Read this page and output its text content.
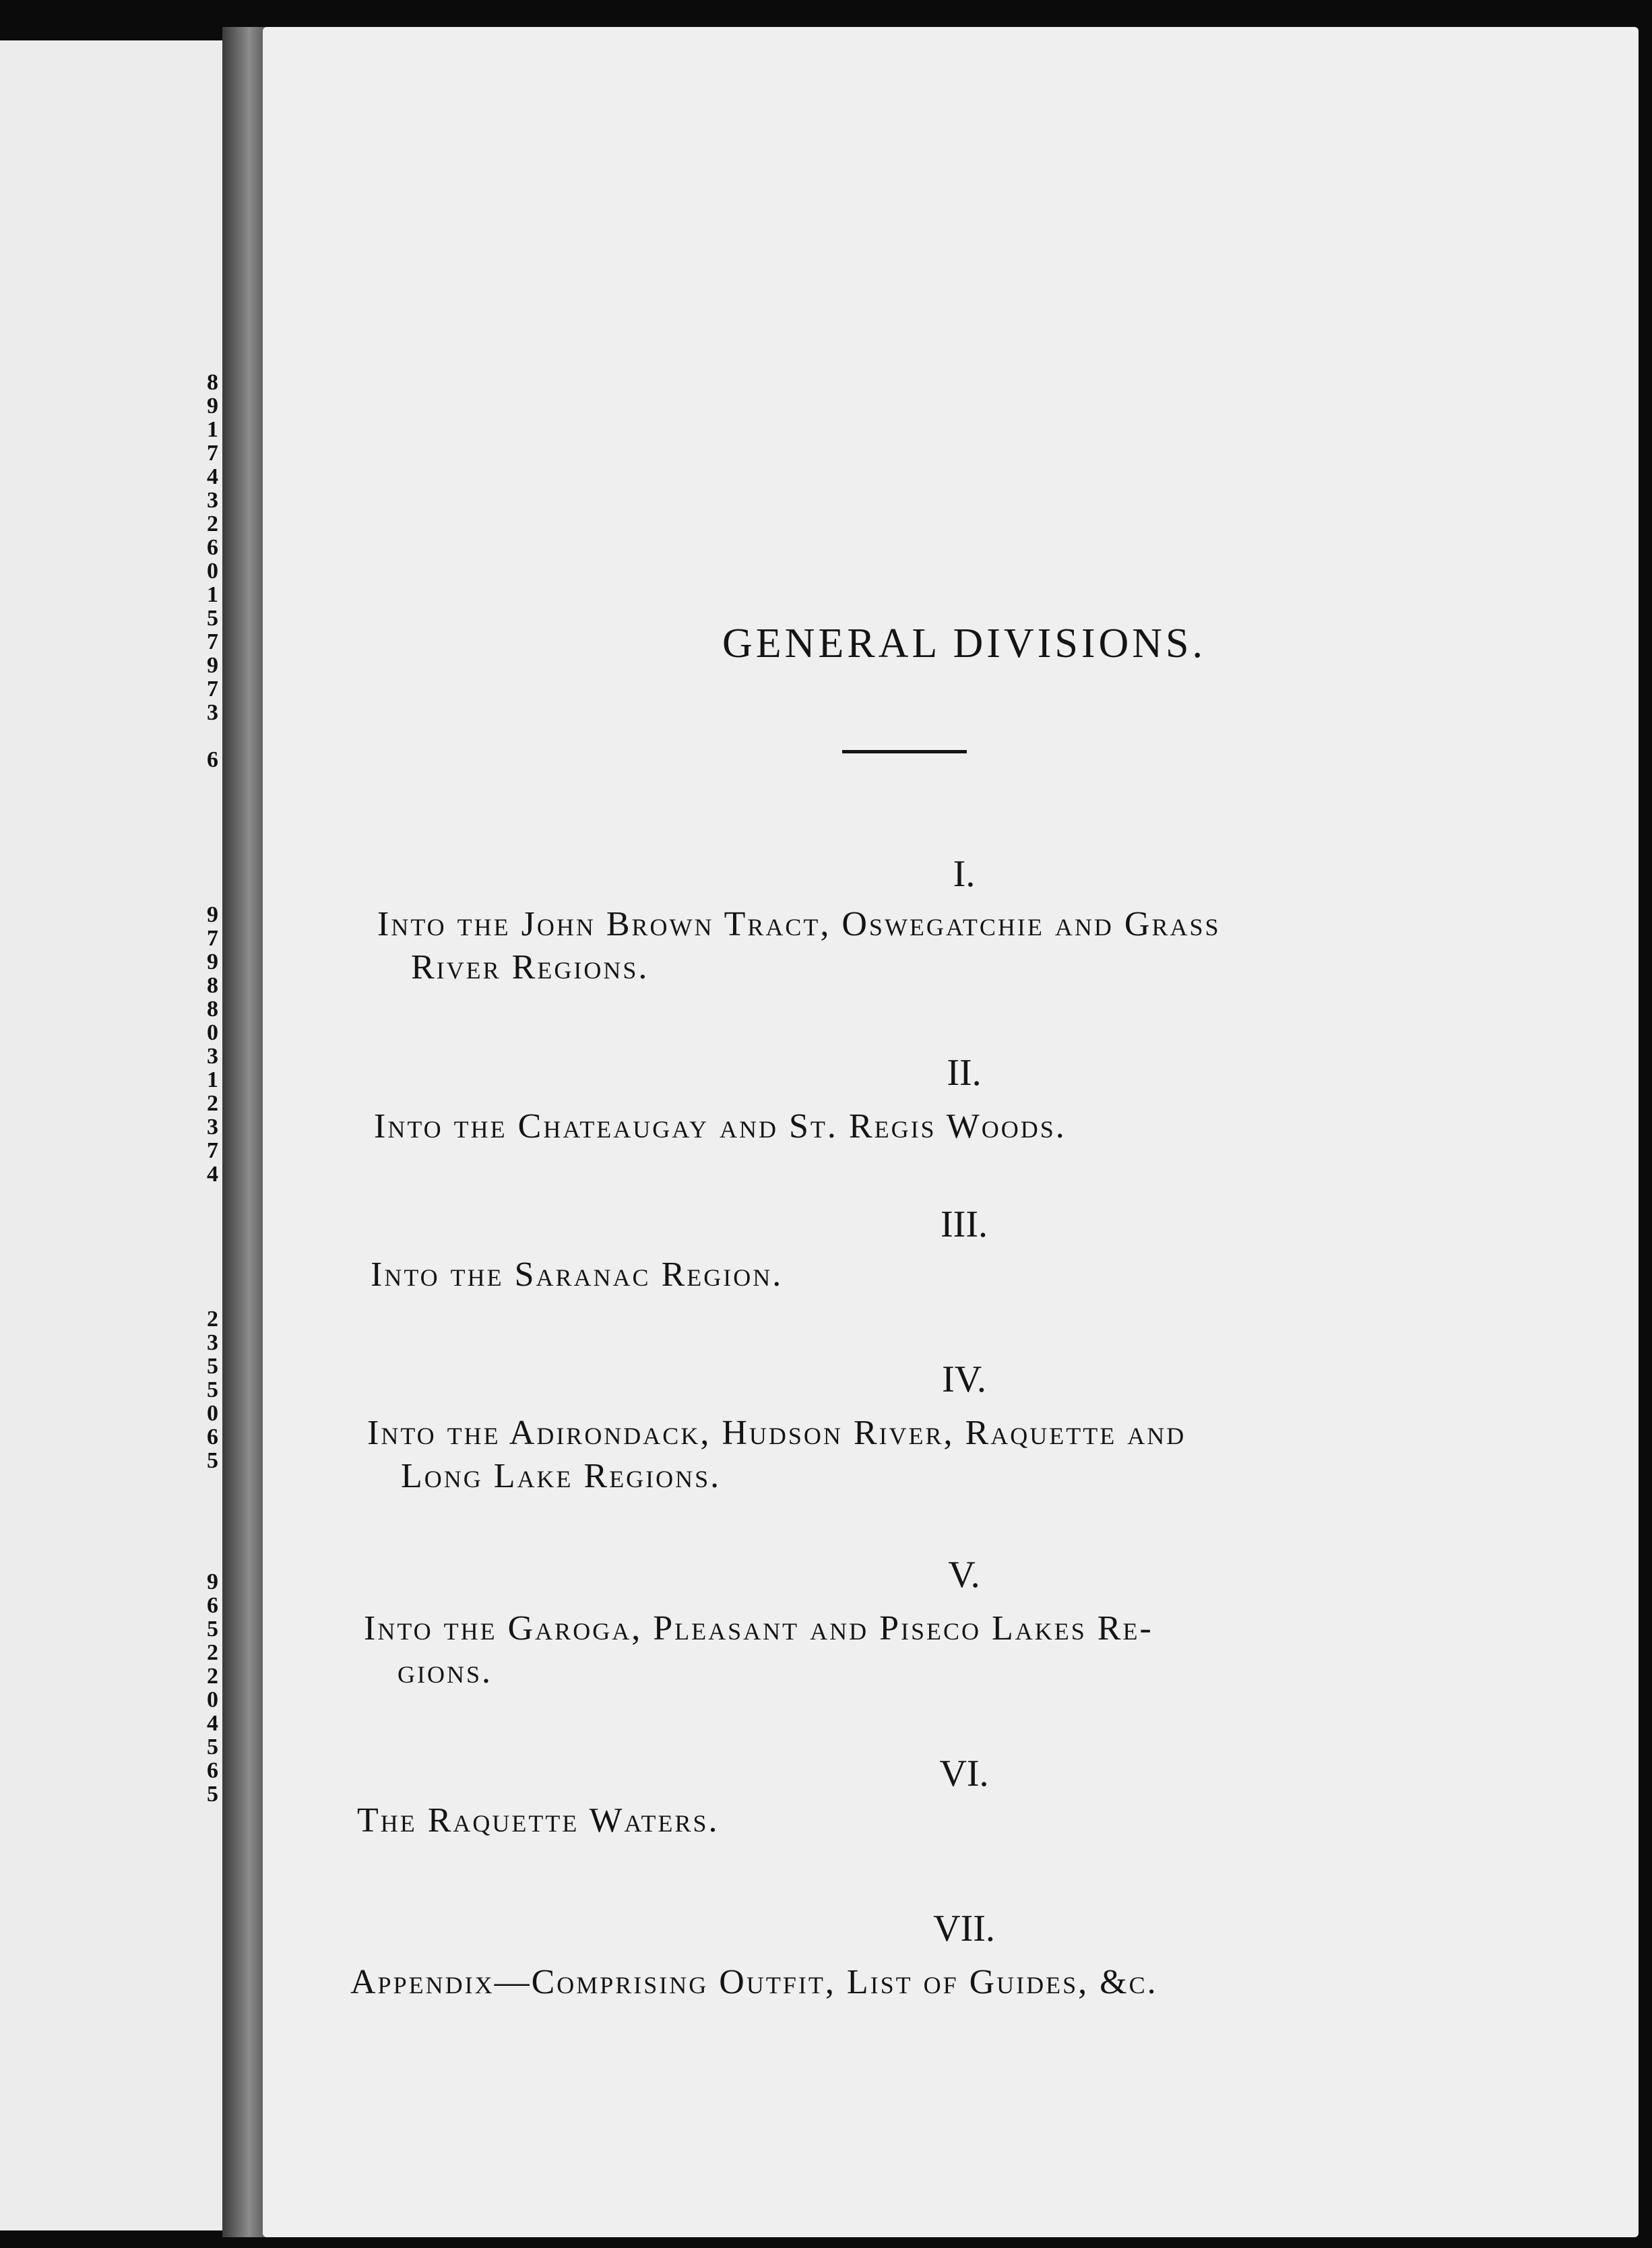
8
9
1
7
4
3
2
6
0
1
5
7
9
7
3

6
9
7
9
8
8
0
3
1
2
3
7
4
2
3
5
5
0
6
5
9
6
5
2
2
0
4
5
6
5
GENERAL DIVISIONS.
I.
Into the John Brown Tract, Oswegatchie and Grass
River Regions.
II.
Into the Chateaugay and St. Regis Woods.
III.
Into the Saranac Region.
IV.
Into the Adirondack, Hudson River, Raquette and
Long Lake Regions.
V.
Into the Garoga, Pleasant and Piseco Lakes Re-
gions.
VI.
The Raquette Waters.
VII.
Appendix—Comprising Outfit, List of Guides, &c.
